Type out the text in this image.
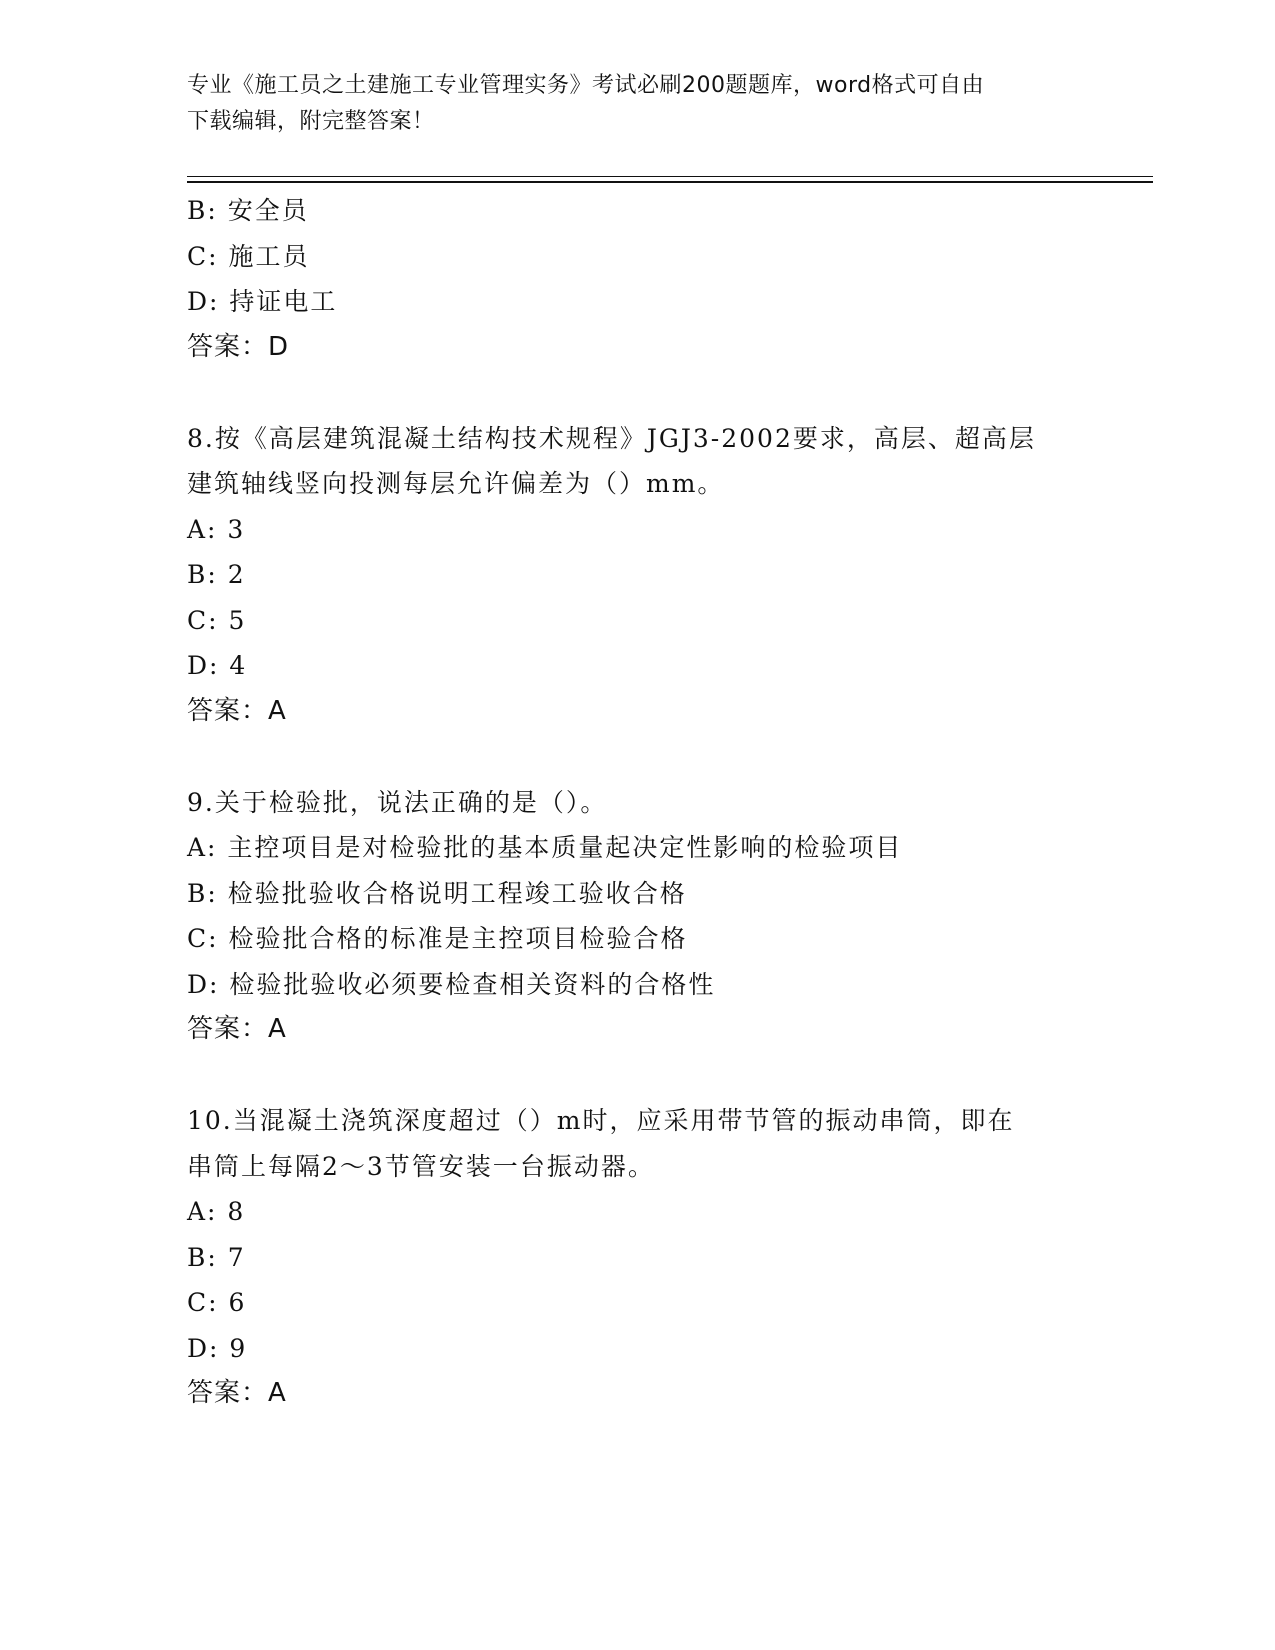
专业《施工员之土建施工专业管理实务》考试必刷200题题库，word格式可自由
下载编辑，附完整答案！
B: 安全员
C: 施工员
D: 持证电工
答案：D
8.按《高层建筑混凝土结构技术规程》JGJ3-2002要求，高层、超高层
建筑轴线竖向投测每层允许偏差为（）mm。
A: 3
B: 2
C: 5
D: 4
答案：A
9.关于检验批，说法正确的是（）。
A: 主控项目是对检验批的基本质量起决定性影响的检验项目
B: 检验批验收合格说明工程竣工验收合格
C: 检验批合格的标准是主控项目检验合格
D: 检验批验收必须要检查相关资料的合格性
答案：A
10.当混凝土浇筑深度超过（）m时，应采用带节管的振动串筒，即在
串筒上每隔2～3节管安装一台振动器。
A: 8
B: 7
C: 6
D: 9
答案：A
